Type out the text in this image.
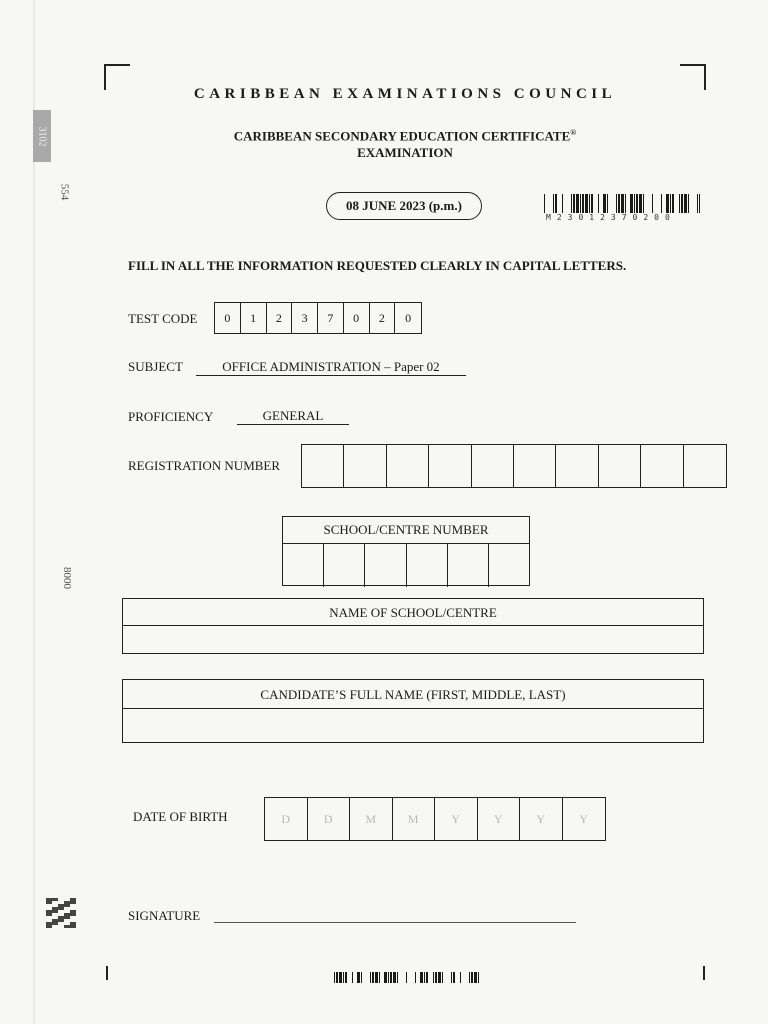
3102
554
8000
CARIBBEAN EXAMINATIONS COUNCIL
CARIBBEAN SECONDARY EDUCATION CERTIFICATE®
EXAMINATION
08 JUNE 2023 (p.m.)
M23012370200
FILL IN ALL THE INFORMATION REQUESTED CLEARLY IN CAPITAL LETTERS.
TEST CODE	0	1	2	3	7	0	2	0
SUBJECT	OFFICE ADMINISTRATION – Paper 02
PROFICIENCY	GENERAL
REGISTRATION NUMBER
SCHOOL/CENTRE NUMBER
NAME OF SCHOOL/CENTRE
CANDIDATE’S FULL NAME (FIRST, MIDDLE, LAST)
DATE OF BIRTH	D	D	M	M	Y	Y	Y	Y
SIGNATURE
